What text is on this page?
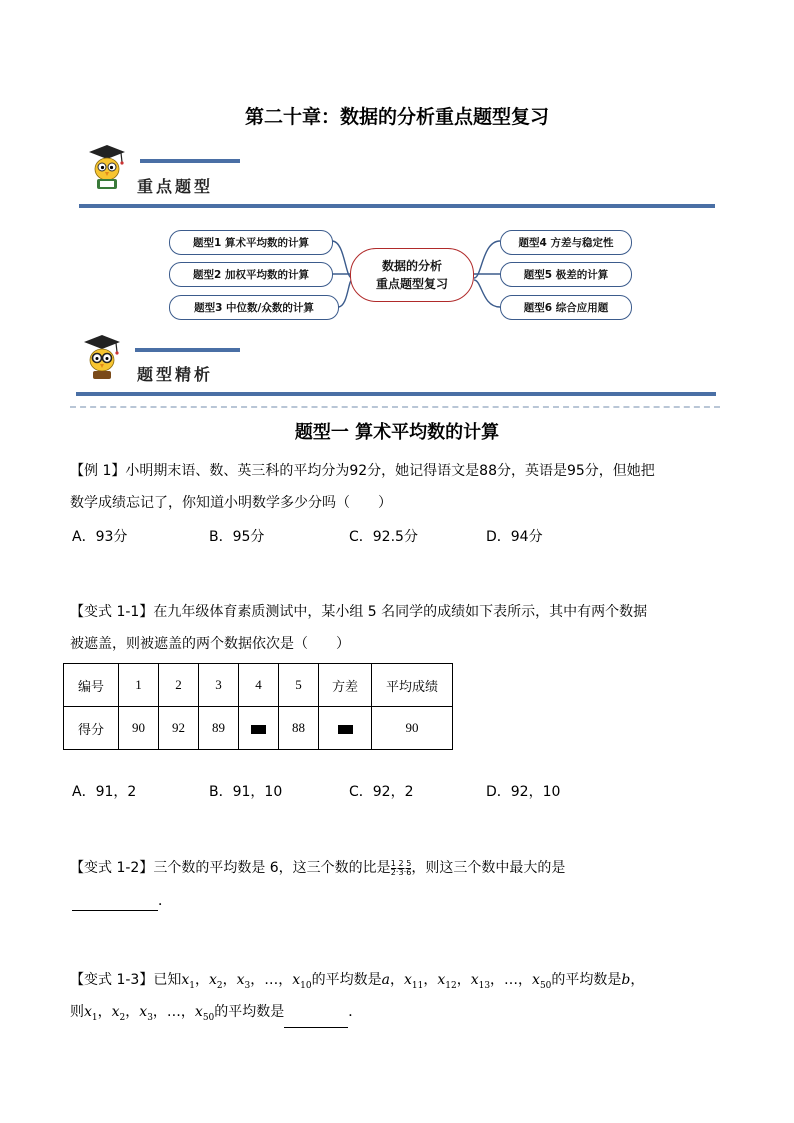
第二十章：数据的分析重点题型复习
重点题型
题型1 算术平均数的计算
题型2 加权平均数的计算
题型3 中位数/众数的计算
数据的分析
重点题型复习
题型4 方差与稳定性
题型5 极差的计算
题型6 综合应用题
题型精析
题型一 算术平均数的计算
【例 1】小明期末语、数、英三科的平均分为92分，她记得语文是88分，英语是95分，但她把
数学成绩忘记了，你知道小明数学多少分吗（　　）
A．93分	B．95分	C．92.5分	D．94分
【变式 1-1】在九年级体育素质测试中，某小组 5 名同学的成绩如下表所示，其中有两个数据
被遮盖，则被遮盖的两个数据依次是（　　）
编号	1	2	3	4	5	方差	平均成绩
得分	90	92	89		88		90
A．91，2	B．91，10	C．92，2	D．92，10
【变式 1-2】三个数的平均数是 6，这三个数的比是 $\frac{1}{2}$ : $\frac{2}{3}$ : $\frac{5}{6}$ ，则这三个数中最大的是
．
【变式 1-3】已知$x_1$，$x_2$，$x_3$，…，$x_{10}$的平均数是a，$x_{11}$，$x_{12}$，$x_{13}$，…，$x_{50}$的平均数是b，
则$x_1$，$x_2$，$x_3$，…，$x_{50}$的平均数是	．
